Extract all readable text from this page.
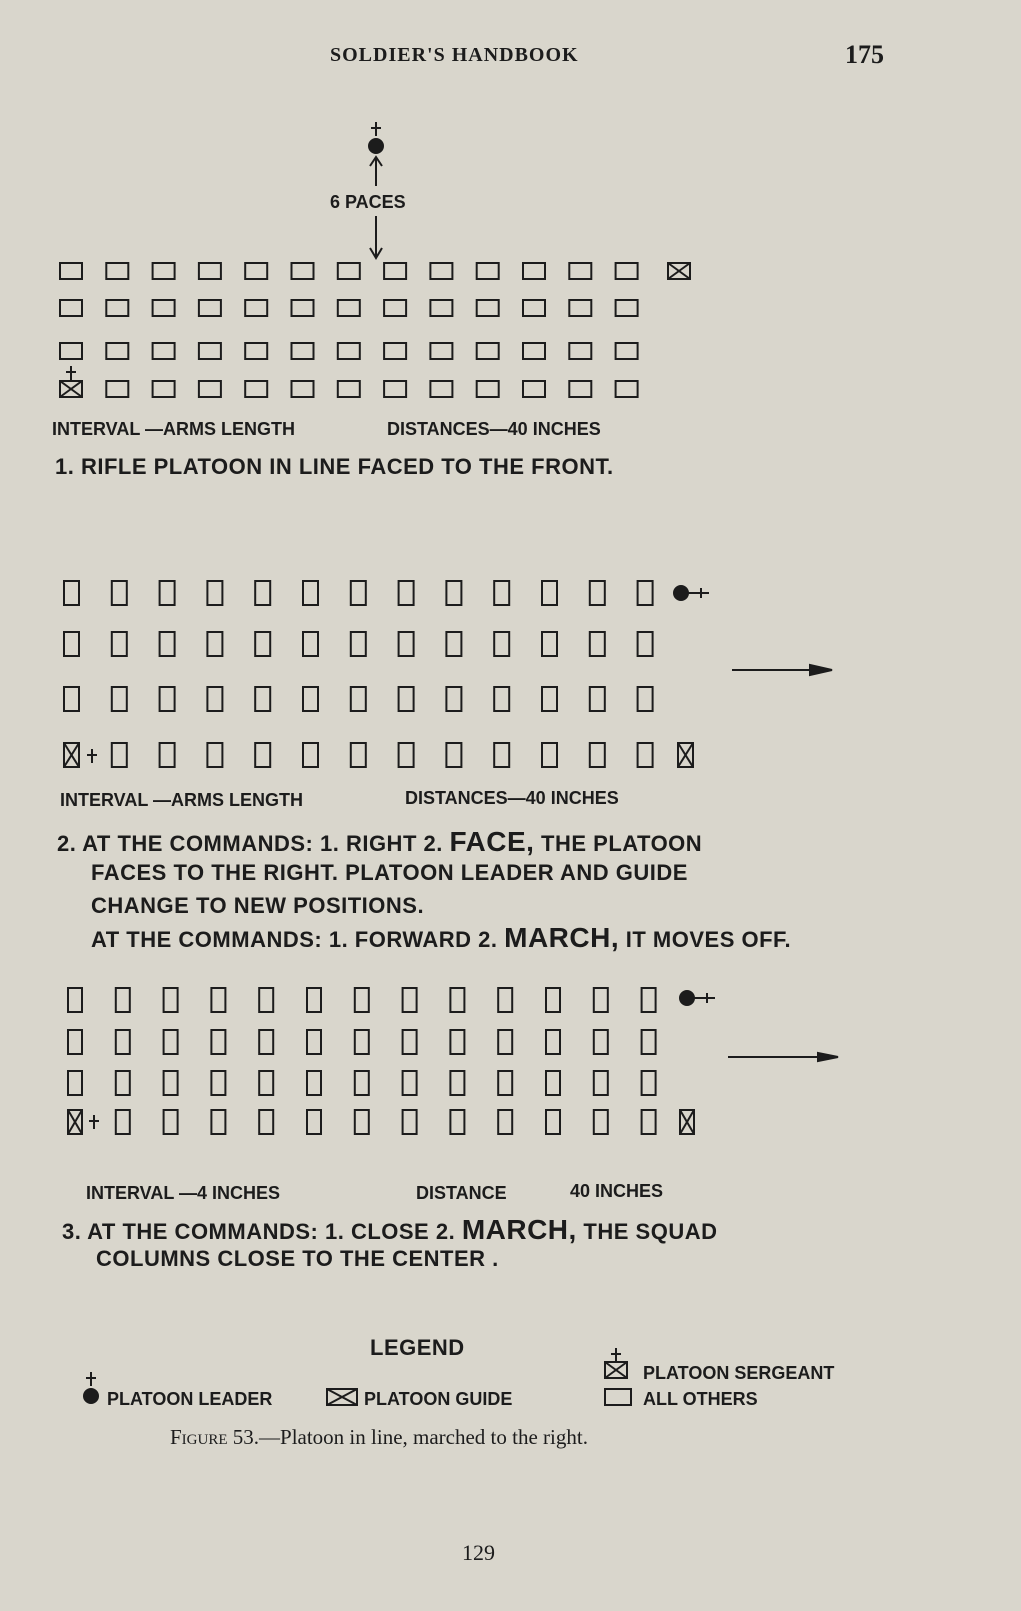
SOLDIER'S HANDBOOK	175
6 PACES
INTERVAL —ARMS LENGTH	DISTANCES—40 INCHES
1. RIFLE PLATOON IN LINE FACED TO THE FRONT.
INTERVAL —ARMS LENGTH	DISTANCES—40 INCHES
2. AT THE COMMANDS: 1. RIGHT 2. FACE, THE PLATOON
FACES TO THE RIGHT. PLATOON LEADER AND GUIDE
CHANGE TO NEW POSITIONS.
AT THE COMMANDS: 1. FORWARD 2. MARCH, IT MOVES OFF.
INTERVAL —4 INCHES	DISTANCE	40 INCHES
3. AT THE COMMANDS: 1. CLOSE 2. MARCH, THE SQUAD
COLUMNS CLOSE TO THE CENTER .
LEGEND
PLATOON SERGEANT
PLATOON LEADER	PLATOON GUIDE	ALL OTHERS
Figure 53.—Platoon in line, marched to the right.
129
